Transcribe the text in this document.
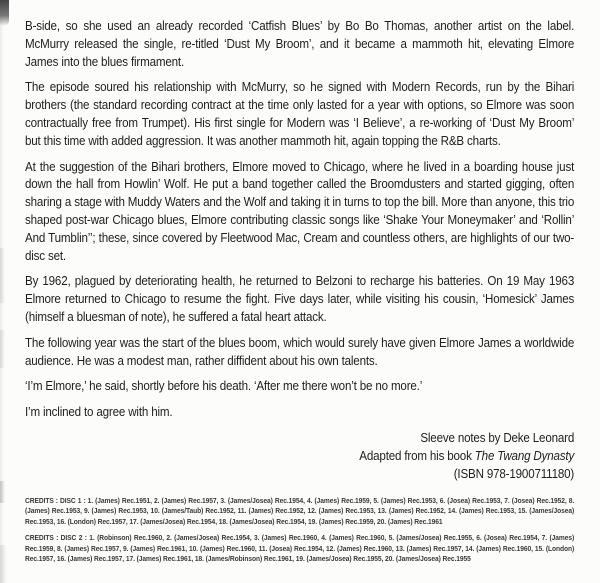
B-side, so she used an already recorded ‘Catfish Blues’ by Bo Bo Thomas, another artist on the label. McMurry released the single, re-titled ‘Dust My Broom’, and it became a mammoth hit, elevating Elmore James into the blues firmament.

The episode soured his relationship with McMurry, so he signed with Modern Records, run by the Bihari brothers (the standard recording contract at the time only lasted for a year with options, so Elmore was soon contractually free from Trumpet). His first single for Modern was ‘I Believe’, a re-working of ‘Dust My Broom’ but this time with added aggression. It was another mammoth hit, again topping the R&B charts.

At the suggestion of the Bihari brothers, Elmore moved to Chicago, where he lived in a boarding house just down the hall from Howlin’ Wolf. He put a band together called the Broomdusters and started gigging, often sharing a stage with Muddy Waters and the Wolf and taking it in turns to top the bill. More than anyone, this trio shaped post-war Chicago blues, Elmore contributing classic songs like ‘Shake Your Moneymaker’ and ‘Rollin’ And Tumblin’’; these, since covered by Fleetwood Mac, Cream and countless others, are highlights of our two-disc set.

By 1962, plagued by deteriorating health, he returned to Belzoni to recharge his batteries. On 19 May 1963 Elmore returned to Chicago to resume the fight. Five days later, while visiting his cousin, ‘Homesick’ James (himself a bluesman of note), he suffered a fatal heart attack.

The following year was the start of the blues boom, which would surely have given Elmore James a worldwide audience. He was a modest man, rather diffident about his own talents.

‘I’m Elmore,’ he said, shortly before his death. ‘After me there won’t be no more.’

I’m inclined to agree with him.

Sleeve notes by Deke Leonard
Adapted from his book The Twang Dynasty
(ISBN 978-1900711180)

CREDITS : DISC 1 : 1. (James) Rec.1951, 2. (James) Rec.1957, 3. (James/Josea) Rec.1954, 4. (James) Rec.1959, 5. (James) Rec.1953, 6. (Josea) Rec.1953, 7. (Josea) Rec.1952, 8. (James) Rec.1953, 9. (James) Rec.1953, 10. (James/Taub) Rec.1952, 11. (James) Rec.1952, 12. (James) Rec.1953, 13. (James) Rec.1952, 14. (James) Rec.1953, 15. (James/Josea) Rec.1953, 16. (London) Rec.1957, 17. (James/Josea) Rec.1954, 18. (James/Josea) Rec.1954, 19. (James) Rec.1959, 20. (James) Rec.1961

CREDITS : DISC 2 : 1. (Robinson) Rec.1960, 2. (James/Josea) Rec.1954, 3. (James) Rec.1960, 4. (James) Rec.1960, 5. (James/Josea) Rec.1955, 6. (Josea) Rec.1954, 7. (James) Rec.1959, 8. (James) Rec.1957, 9. (James) Rec.1961, 10. (James) Rec.1960, 11. (Josea) Rec.1954, 12. (James) Rec.1960, 13. (James) Rec.1957, 14. (James) Rec.1960, 15. (London) Rec.1957, 16. (James) Rec.1957, 17. (James) Rec.1961, 18. (James/Robinson) Rec.1961, 19. (James/Josea) Rec.1955, 20. (James/Josea) Rec.1955
